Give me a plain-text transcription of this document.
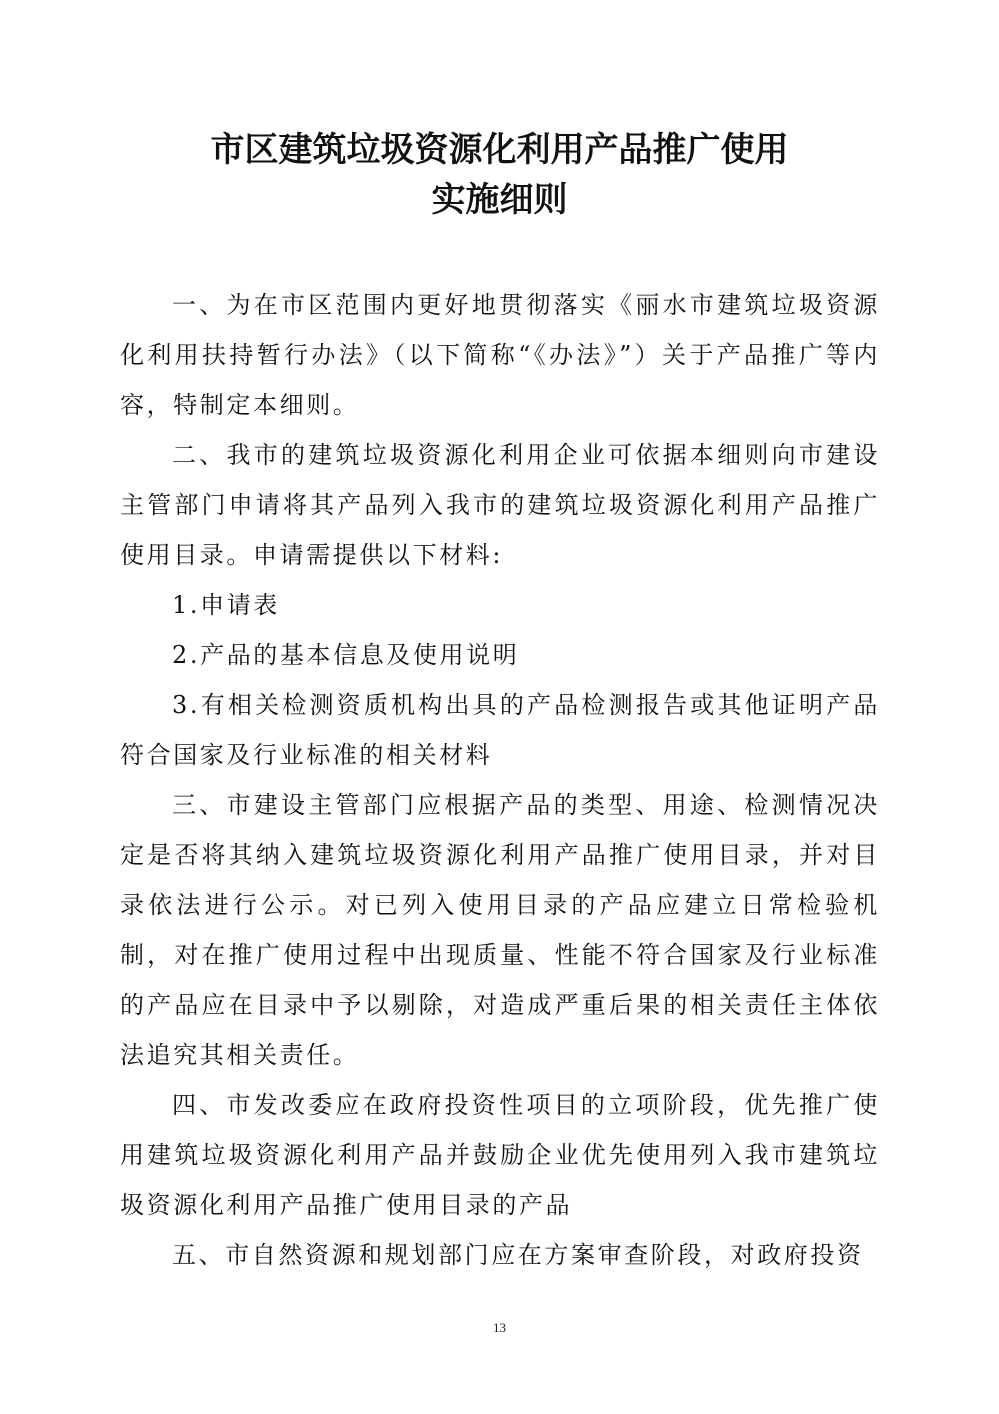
市区建筑垃圾资源化利用产品推广使用
实施细则

一、为在市区范围内更好地贯彻落实《丽水市建筑垃圾资源化利用扶持暂行办法》（以下简称“《办法》”）关于产品推广等内容，特制定本细则。

二、我市的建筑垃圾资源化利用企业可依据本细则向市建设主管部门申请将其产品列入我市的建筑垃圾资源化利用产品推广使用目录。申请需提供以下材料:

1.申请表

2.产品的基本信息及使用说明

3.有相关检测资质机构出具的产品检测报告或其他证明产品符合国家及行业标准的相关材料

三、市建设主管部门应根据产品的类型、用途、检测情况决定是否将其纳入建筑垃圾资源化利用产品推广使用目录，并对目录依法进行公示。对已列入使用目录的产品应建立日常检验机制，对在推广使用过程中出现质量、性能不符合国家及行业标准的产品应在目录中予以剔除，对造成严重后果的相关责任主体依法追究其相关责任。

四、市发改委应在政府投资性项目的立项阶段，优先推广使用建筑垃圾资源化利用产品并鼓励企业优先使用列入我市建筑垃圾资源化利用产品推广使用目录的产品

五、市自然资源和规划部门应在方案审查阶段，对政府投资

13
